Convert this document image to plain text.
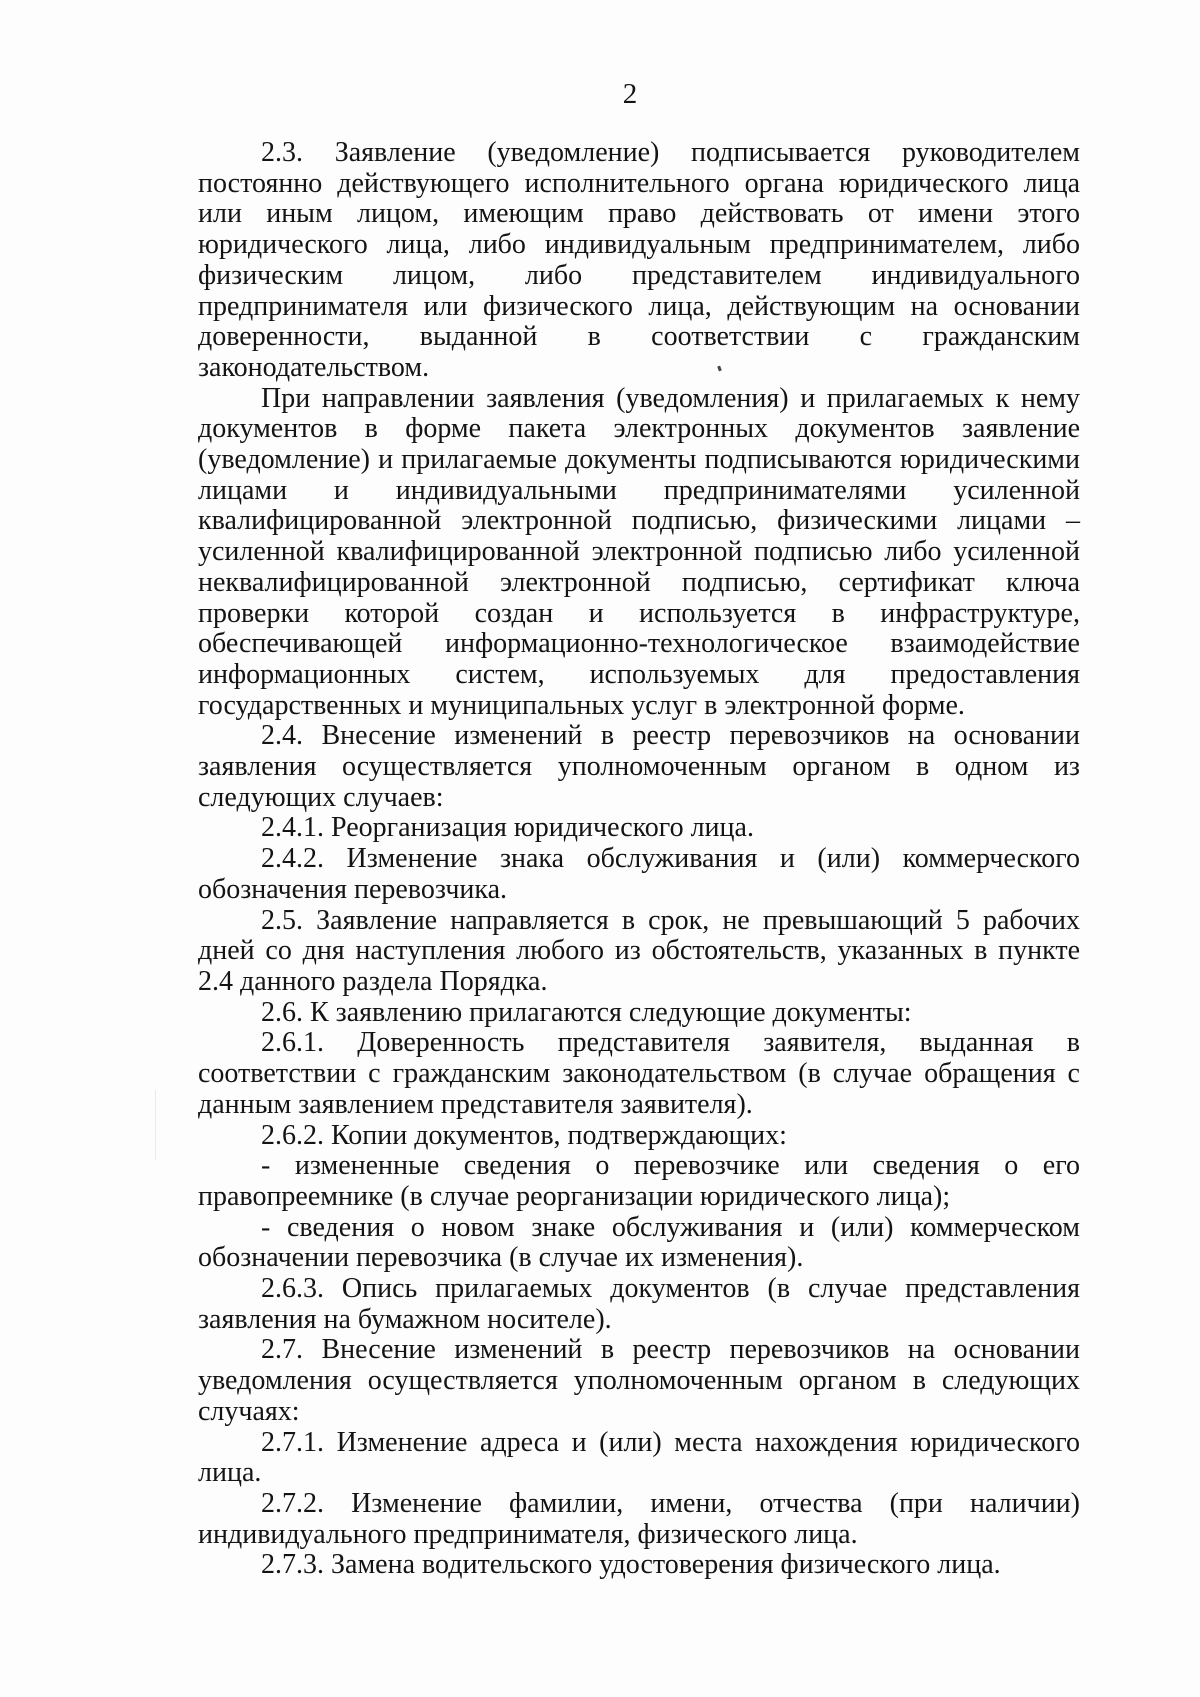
2

2.3. Заявление (уведомление) подписывается руководителем постоянно действующего исполнительного органа юридического лица или иным лицом, имеющим право действовать от имени этого юридического лица, либо индивидуальным предпринимателем, либо физическим лицом, либо представителем индивидуального предпринимателя или физического лица, действующим на основании доверенности, выданной в соответствии с гражданским законодательством.

При направлении заявления (уведомления) и прилагаемых к нему документов в форме пакета электронных документов заявление (уведомление) и прилагаемые документы подписываются юридическими лицами и индивидуальными предпринимателями усиленной квалифицированной электронной подписью, физическими лицами – усиленной квалифицированной электронной подписью либо усиленной неквалифицированной электронной подписью, сертификат ключа проверки которой создан и используется в инфраструктуре, обеспечивающей информационно-технологическое взаимодействие информационных систем, используемых для предоставления государственных и муниципальных услуг в электронной форме.

2.4. Внесение изменений в реестр перевозчиков на основании заявления осуществляется уполномоченным органом в одном из следующих случаев:

2.4.1. Реорганизация юридического лица.

2.4.2. Изменение знака обслуживания и (или) коммерческого обозначения перевозчика.

2.5. Заявление направляется в срок, не превышающий 5 рабочих дней со дня наступления любого из обстоятельств, указанных в пункте 2.4 данного раздела Порядка.

2.6. К заявлению прилагаются следующие документы:

2.6.1. Доверенность представителя заявителя, выданная в соответствии с гражданским законодательством (в случае обращения с данным заявлением представителя заявителя).

2.6.2. Копии документов, подтверждающих:

- измененные сведения о перевозчике или сведения о его правопреемнике (в случае реорганизации юридического лица);

- сведения о новом знаке обслуживания и (или) коммерческом обозначении перевозчика (в случае их изменения).

2.6.3. Опись прилагаемых документов (в случае представления заявления на бумажном носителе).

2.7. Внесение изменений в реестр перевозчиков на основании уведомления осуществляется уполномоченным органом в следующих случаях:

2.7.1. Изменение адреса и (или) места нахождения юридического лица.

2.7.2. Изменение фамилии, имени, отчества (при наличии) индивидуального предпринимателя, физического лица.

2.7.3. Замена водительского удостоверения физического лица.
